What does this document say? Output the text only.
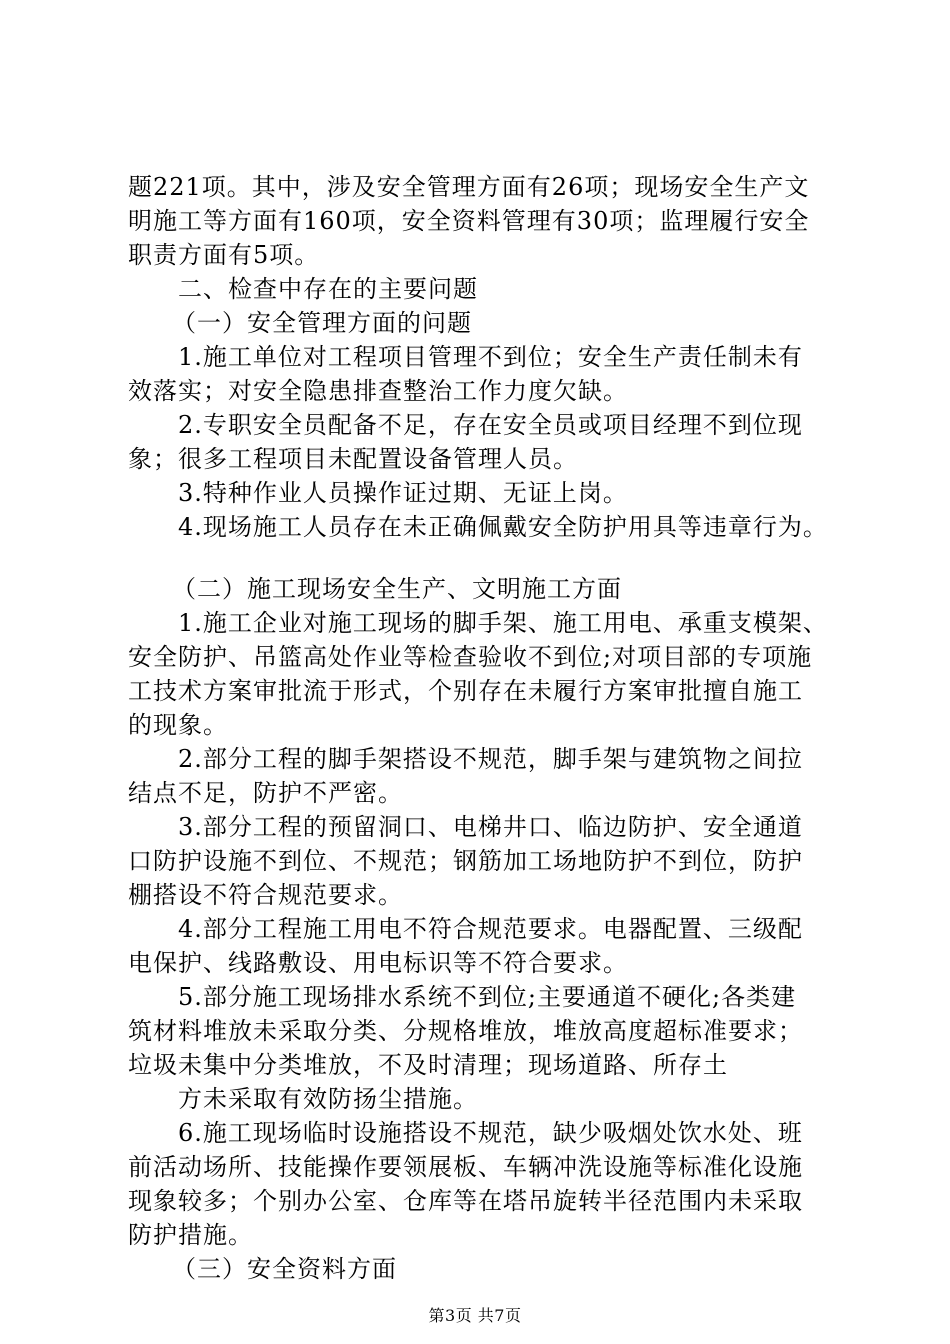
题221项。其中，涉及安全管理方面有26项；现场安全生产文
明施工等方面有160项，安全资料管理有30项；监理履行安全
职责方面有5项。
二、检查中存在的主要问题
（一）安全管理方面的问题
1.施工单位对工程项目管理不到位；安全生产责任制未有
效落实；对安全隐患排查整治工作力度欠缺。
2.专职安全员配备不足，存在安全员或项目经理不到位现
象；很多工程项目未配置设备管理人员。
3.特种作业人员操作证过期、无证上岗。
4.现场施工人员存在未正确佩戴安全防护用具等违章行为。
（二）施工现场安全生产、文明施工方面
1.施工企业对施工现场的脚手架、施工用电、承重支模架、
安全防护、吊篮高处作业等检查验收不到位;对项目部的专项施
工技术方案审批流于形式，个别存在未履行方案审批擅自施工
的现象。
2.部分工程的脚手架搭设不规范，脚手架与建筑物之间拉
结点不足，防护不严密。
3.部分工程的预留洞口、电梯井口、临边防护、安全通道
口防护设施不到位、不规范；钢筋加工场地防护不到位，防护
棚搭设不符合规范要求。
4.部分工程施工用电不符合规范要求。电器配置、三级配
电保护、线路敷设、用电标识等不符合要求。
5.部分施工现场排水系统不到位;主要通道不硬化;各类建
筑材料堆放未采取分类、分规格堆放，堆放高度超标准要求；
垃圾未集中分类堆放，不及时清理；现场道路、所存土
方未采取有效防扬尘措施。
6.施工现场临时设施搭设不规范，缺少吸烟处饮水处、班
前活动场所、技能操作要领展板、车辆冲洗设施等标准化设施
现象较多；个别办公室、仓库等在塔吊旋转半径范围内未采取
防护措施。
（三）安全资料方面
第3页 共7页
